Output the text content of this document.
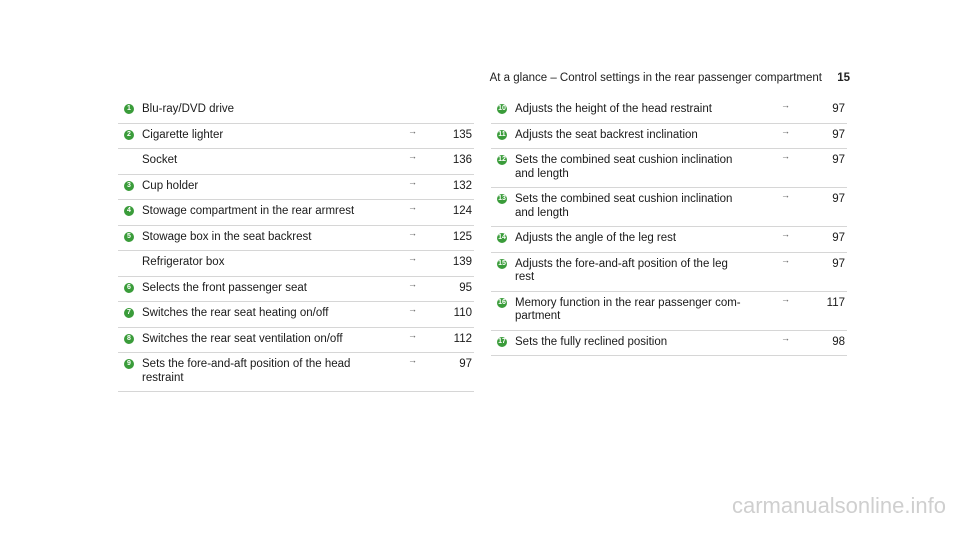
At a glance – Control settings in the rear passenger compartment 15
1 Blu-ray/DVD drive
2 Cigarette lighter	→	135
Socket	→	136
3 Cup holder	→	132
4 Stowage compartment in the rear armrest	→	124
5 Stowage box in the seat backrest	→	125
Refrigerator box	→	139
6 Selects the front passenger seat	→	95
7 Switches the rear seat heating on/off	→	110
8 Switches the rear seat ventilation on/off	→	112
9 Sets the fore-and-aft position of the head
restraint
→	97
10 Adjusts the height of the head restraint	→	97
11 Adjusts the seat backrest inclination	→	97
12 Sets the combined seat cushion inclination
and length
→	97
13 Sets the combined seat cushion inclination
and length
→	97
14 Adjusts the angle of the leg rest	→	97
15 Adjusts the fore-and-aft position of the leg
rest
→	97
16 Memory function in the rear passenger com-
partment
→	117
17 Sets the fully reclined position	→	98
carmanualsonline.info
